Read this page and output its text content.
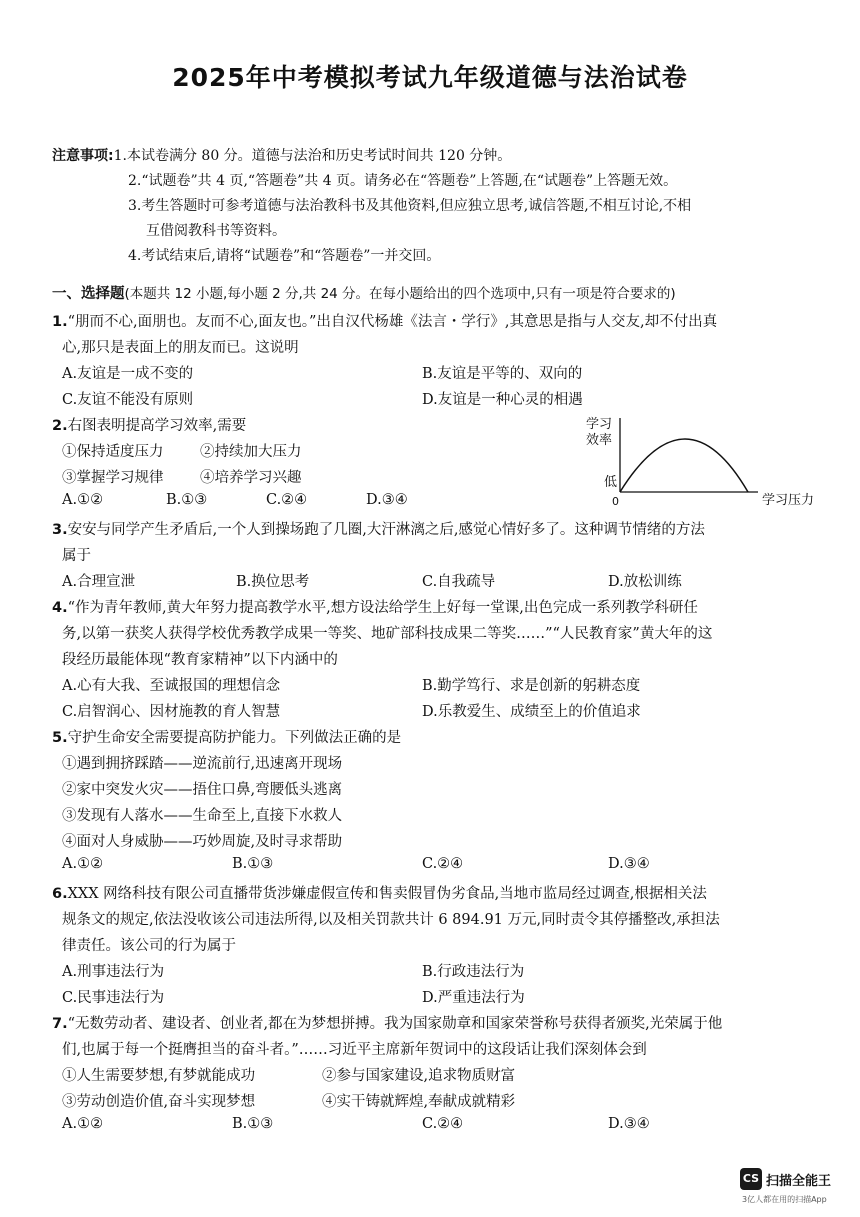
2025年中考模拟考试九年级道德与法治试卷
注意事项:1.本试卷满分 80 分。道德与法治和历史考试时间共 120 分钟。
2.“试题卷”共 4 页,“答题卷”共 4 页。请务必在“答题卷”上答题,在“试题卷”上答题无效。
3.考生答题时可参考道德与法治教科书及其他资料,但应独立思考,诚信答题,不相互讨论,不相
互借阅教科书等资料。
4.考试结束后,请将“试题卷”和“答题卷”一并交回。
一、选择题(本题共 12 小题,每小题 2 分,共 24 分。在每小题给出的四个选项中,只有一项是符合要求的)
1.“朋而不心,面朋也。友而不心,面友也。”出自汉代杨雄《法言・学行》,其意思是指与人交友,却不付出真
心,那只是表面上的朋友而已。这说明
A.友谊是一成不变的	B.友谊是平等的、双向的
C.友谊不能没有原则	D.友谊是一种心灵的相遇
2.右图表明提高学习效率,需要
①保持适度压力	②持续加大压力
③掌握学习规律	④培养学习兴趣
A.①②	B.①③	C.②④	D.③④
3.安安与同学产生矛盾后,一个人到操场跑了几圈,大汗淋漓之后,感觉心情好多了。这种调节情绪的方法
属于
A.合理宣泄	B.换位思考	C.自我疏导	D.放松训练
4.“作为青年教师,黄大年努力提高教学水平,想方设法给学生上好每一堂课,出色完成一系列教学科研任
务,以第一获奖人获得学校优秀教学成果一等奖、地矿部科技成果二等奖……”“人民教育家”黄大年的这
段经历最能体现“教育家精神”以下内涵中的
A.心有大我、至诚报国的理想信念	B.勤学笃行、求是创新的躬耕态度
C.启智润心、因材施教的育人智慧	D.乐教爱生、成绩至上的价值追求
5.守护生命安全需要提高防护能力。下列做法正确的是
①遇到拥挤踩踏——逆流前行,迅速离开现场
②家中突发火灾——捂住口鼻,弯腰低头逃离
③发现有人落水——生命至上,直接下水救人
④面对人身威胁——巧妙周旋,及时寻求帮助
A.①②	B.①③	C.②④	D.③④
6.XXX 网络科技有限公司直播带货涉嫌虚假宣传和售卖假冒伪劣食品,当地市监局经过调查,根据相关法
规条文的规定,依法没收该公司违法所得,以及相关罚款共计 6 894.91 万元,同时责令其停播整改,承担法
律责任。该公司的行为属于
A.刑事违法行为	B.行政违法行为
C.民事违法行为	D.严重违法行为
7.“无数劳动者、建设者、创业者,都在为梦想拼搏。我为国家勋章和国家荣誉称号获得者颁奖,光荣属于他
们,也属于每一个挺膺担当的奋斗者。”……习近平主席新年贺词中的这段话让我们深刻体会到
①人生需要梦想,有梦就能成功	②参与国家建设,追求物质财富
③劳动创造价值,奋斗实现梦想	④实干铸就辉煌,奉献成就精彩
A.①②	B.①③	C.②④	D.③④
学习
效率
低
0	学习压力
CS 扫描全能王
3亿人都在用的扫描App
